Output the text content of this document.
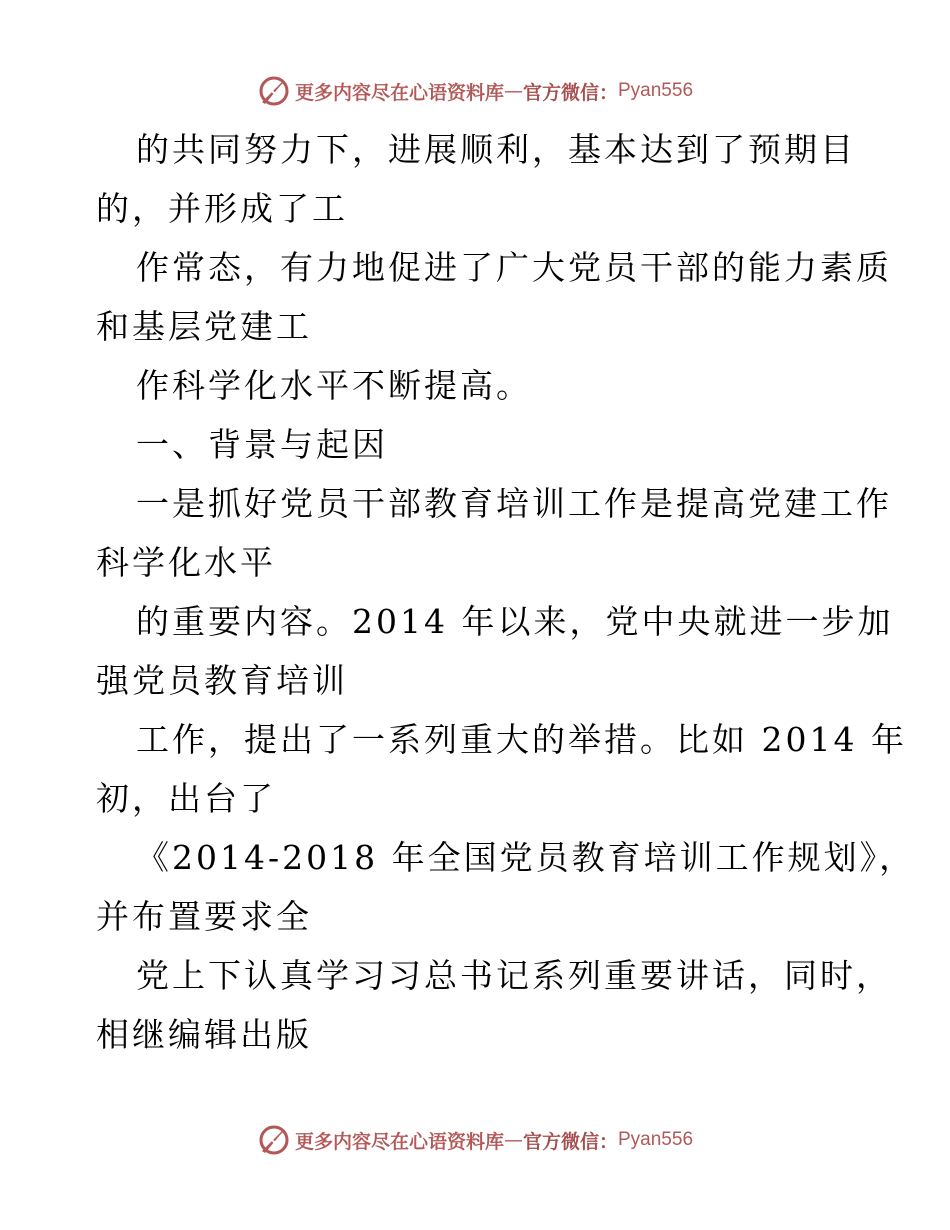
更多内容尽在心语资料库 — 官方微信： Pyan556
的共同努力下，进展顺利，基本达到了预期目
的，并形成了工
作常态，有力地促进了广大党员干部的能力素质
和基层党建工
作科学化水平不断提高。
一、背景与起因
一是抓好党员干部教育培训工作是提高党建工作
科学化水平
的重要内容。2014 年以来，党中央就进一步加
强党员教育培训
工作，提出了一系列重大的举措。比如 2014 年
初，出台了
《2014-2018 年全国党员教育培训工作规划》，
并布置要求全
党上下认真学习习总书记系列重要讲话，同时，
相继编辑出版
更多内容尽在心语资料库 — 官方微信： Pyan556
